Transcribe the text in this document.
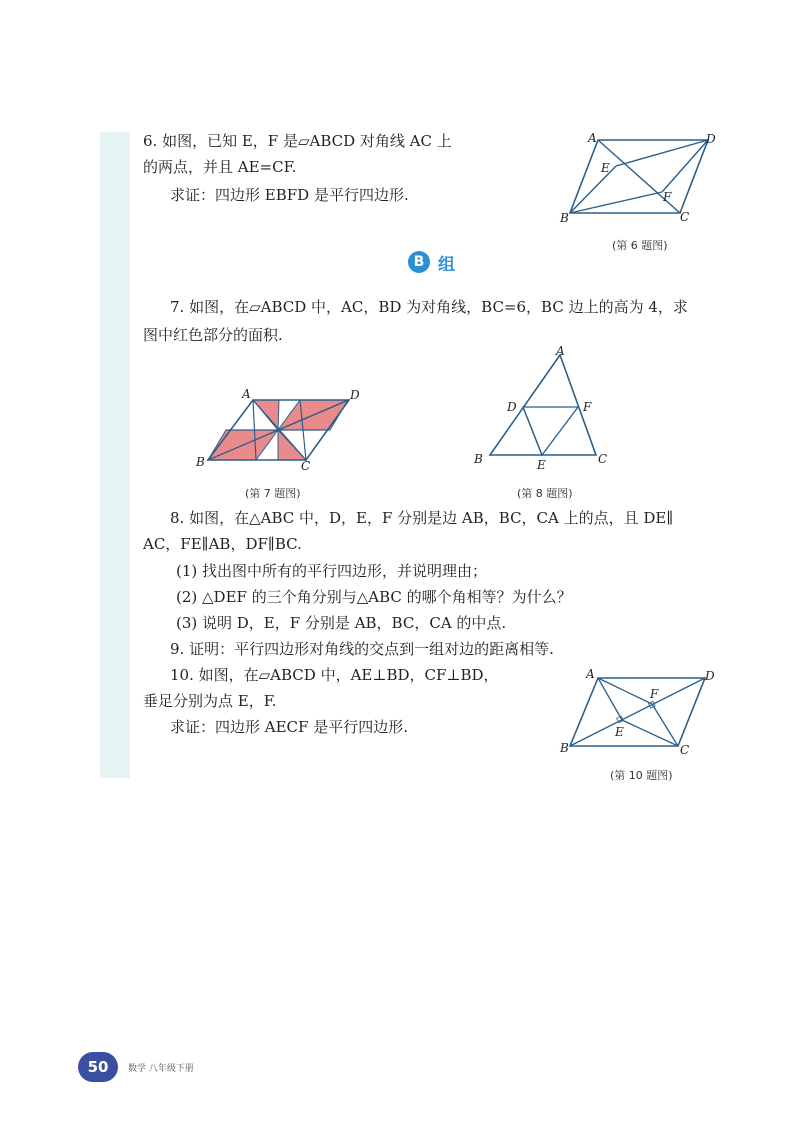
6. 如图，已知 E，F 是▱ABCD 对角线 AC 上
的两点，并且 AE=CF.
求证：四边形 EBFD 是平行四边形.
A	D
B	C
E
F
(第 6 题图)
B 组
7. 如图，在▱ABCD 中，AC，BD 为对角线，BC=6，BC 边上的高为 4，求
图中红色部分的面积.
A	D
B	C
(第 7 题图)
A
D	F
B	E	C
(第 8 题图)
8. 如图，在△ABC 中，D，E，F 分别是边 AB，BC，CA 上的点，且 DE∥
AC，FE∥AB，DF∥BC.
(1) 找出图中所有的平行四边形，并说明理由；
(2) △DEF 的三个角分别与△ABC 的哪个角相等？为什么？
(3) 说明 D，E，F 分别是 AB，BC，CA 的中点.
9. 证明：平行四边形对角线的交点到一组对边的距离相等.
10. 如图，在▱ABCD 中，AE⊥BD，CF⊥BD，
垂足分别为点 E，F.
求证：四边形 AECF 是平行四边形.
A	D
B	C
E
F
(第 10 题图)
50	数学 八年级下册
